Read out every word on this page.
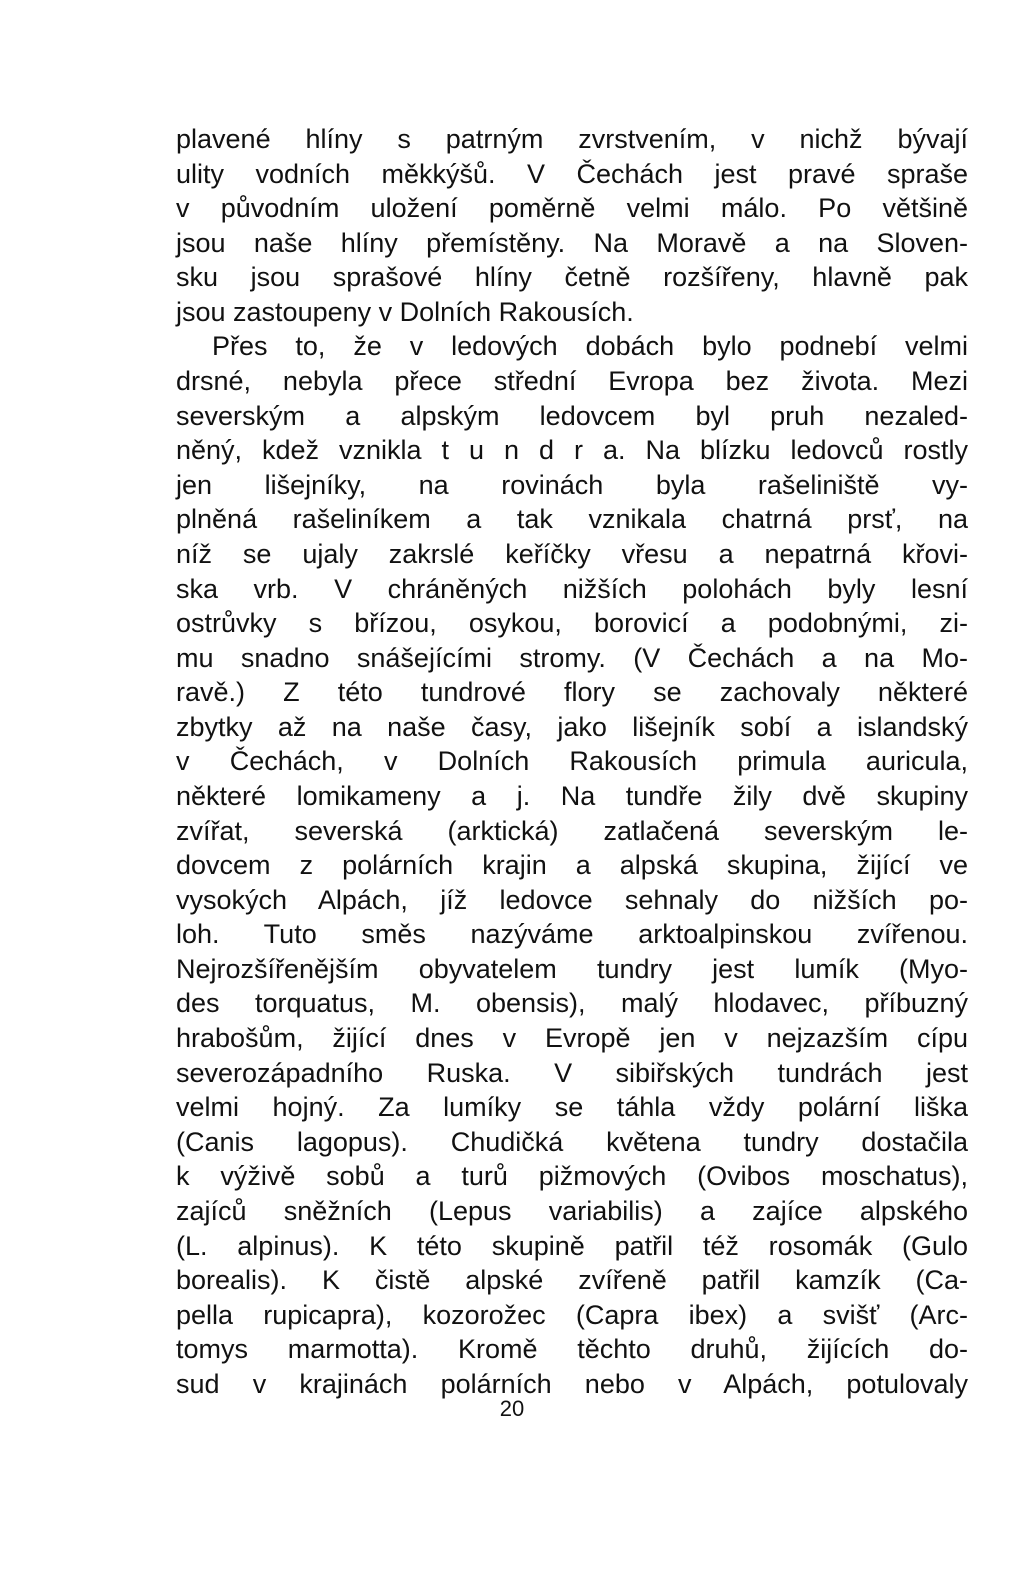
plavené hlíny s patrným zvrstvením, v nichž bývají
ulity vodních měkkýšů. V Čechách jest pravé spraše
v původním uložení poměrně velmi málo. Po většině
jsou naše hlíny přemístěny. Na Moravě a na Sloven-
sku jsou sprašové hlíny četně rozšířeny, hlavně pak
jsou zastoupeny v Dolních Rakousích.
Přes to, že v ledových dobách bylo podnebí velmi
drsné, nebyla přece střední Evropa bez života. Mezi
severským a alpským ledovcem byl pruh nezaled-
něný, kdež vznikla t u n d r a. Na blízku ledovců rostly
jen lišejníky, na rovinách byla rašeliniště vy-
plněná rašeliníkem a tak vznikala chatrná prsť, na
níž se ujaly zakrslé keříčky vřesu a nepatrná křovi-
ska vrb. V chráněných nižších polohách byly lesní
ostrůvky s břízou, osykou, borovicí a podobnými, zi-
mu snadno snášejícími stromy. (V Čechách a na Mo-
ravě.) Z této tundrové flory se zachovaly některé
zbytky až na naše časy, jako lišejník sobí a islandský
v Čechách, v Dolních Rakousích primula auricula,
některé lomikameny a j. Na tundře žily dvě skupiny
zvířat, severská (arktická) zatlačená severským le-
dovcem z polárních krajin a alpská skupina, žijící ve
vysokých Alpách, jíž ledovce sehnaly do nižších po-
loh. Tuto směs nazýváme arktoalpinskou zvířenou.
Nejrozšířenějším obyvatelem tundry jest lumík (Myo-
des torquatus, M. obensis), malý hlodavec, příbuzný
hrabošům, žijící dnes v Evropě jen v nejzazším cípu
severozápadního Ruska. V sibiřských tundrách jest
velmi hojný. Za lumíky se táhla vždy polární liška
(Canis lagopus). Chudičká květena tundry dostačila
k výživě sobů a turů pižmových (Ovibos moschatus),
zajíců sněžních (Lepus variabilis) a zajíce alpského
(L. alpinus). K této skupině patřil též rosomák (Gulo
borealis). K čistě alpské zvířeně patřil kamzík (Ca-
pella rupicapra), kozorožec (Capra ibex) a svišť (Arc-
tomys marmotta). Kromě těchto druhů, žijících do-
sud v krajinách polárních nebo v Alpách, potulovaly
20
